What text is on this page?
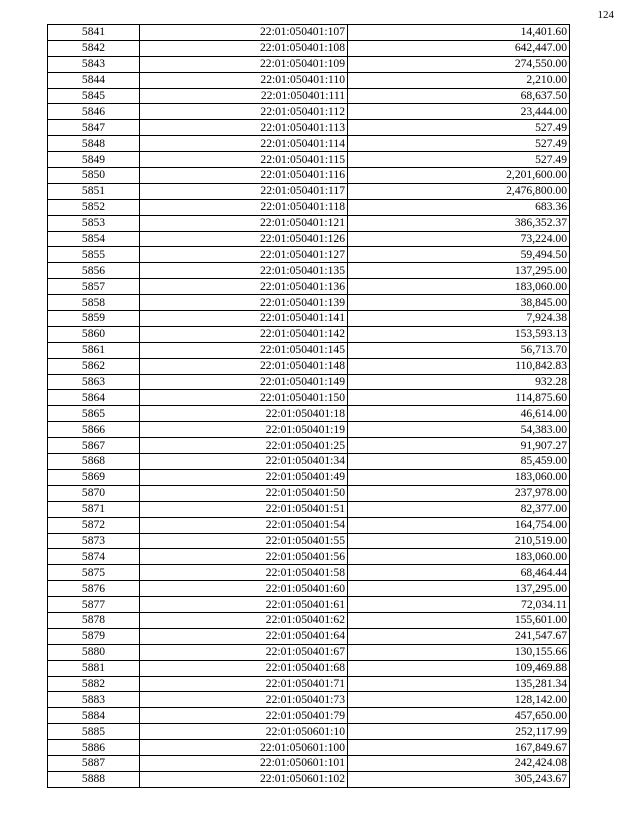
124
5841	22:01:050401:107	14,401.60
5842	22:01:050401:108	642,447.00
5843	22:01:050401:109	274,550.00
5844	22:01:050401:110	2,210.00
5845	22:01:050401:111	68,637.50
5846	22:01:050401:112	23,444.00
5847	22:01:050401:113	527.49
5848	22:01:050401:114	527.49
5849	22:01:050401:115	527.49
5850	22:01:050401:116	2,201,600.00
5851	22:01:050401:117	2,476,800.00
5852	22:01:050401:118	683.36
5853	22:01:050401:121	386,352.37
5854	22:01:050401:126	73,224.00
5855	22:01:050401:127	59,494.50
5856	22:01:050401:135	137,295.00
5857	22:01:050401:136	183,060.00
5858	22:01:050401:139	38,845.00
5859	22:01:050401:141	7,924.38
5860	22:01:050401:142	153,593.13
5861	22:01:050401:145	56,713.70
5862	22:01:050401:148	110,842.83
5863	22:01:050401:149	932.28
5864	22:01:050401:150	114,875.60
5865	22:01:050401:18	46,614.00
5866	22:01:050401:19	54,383.00
5867	22:01:050401:25	91,907.27
5868	22:01:050401:34	85,459.00
5869	22:01:050401:49	183,060.00
5870	22:01:050401:50	237,978.00
5871	22:01:050401:51	82,377.00
5872	22:01:050401:54	164,754.00
5873	22:01:050401:55	210,519.00
5874	22:01:050401:56	183,060.00
5875	22:01:050401:58	68,464.44
5876	22:01:050401:60	137,295.00
5877	22:01:050401:61	72,034.11
5878	22:01:050401:62	155,601.00
5879	22:01:050401:64	241,547.67
5880	22:01:050401:67	130,155.66
5881	22:01:050401:68	109,469.88
5882	22:01:050401:71	135,281.34
5883	22:01:050401:73	128,142.00
5884	22:01:050401:79	457,650.00
5885	22:01:050601:10	252,117.99
5886	22:01:050601:100	167,849.67
5887	22:01:050601:101	242,424.08
5888	22:01:050601:102	305,243.67
